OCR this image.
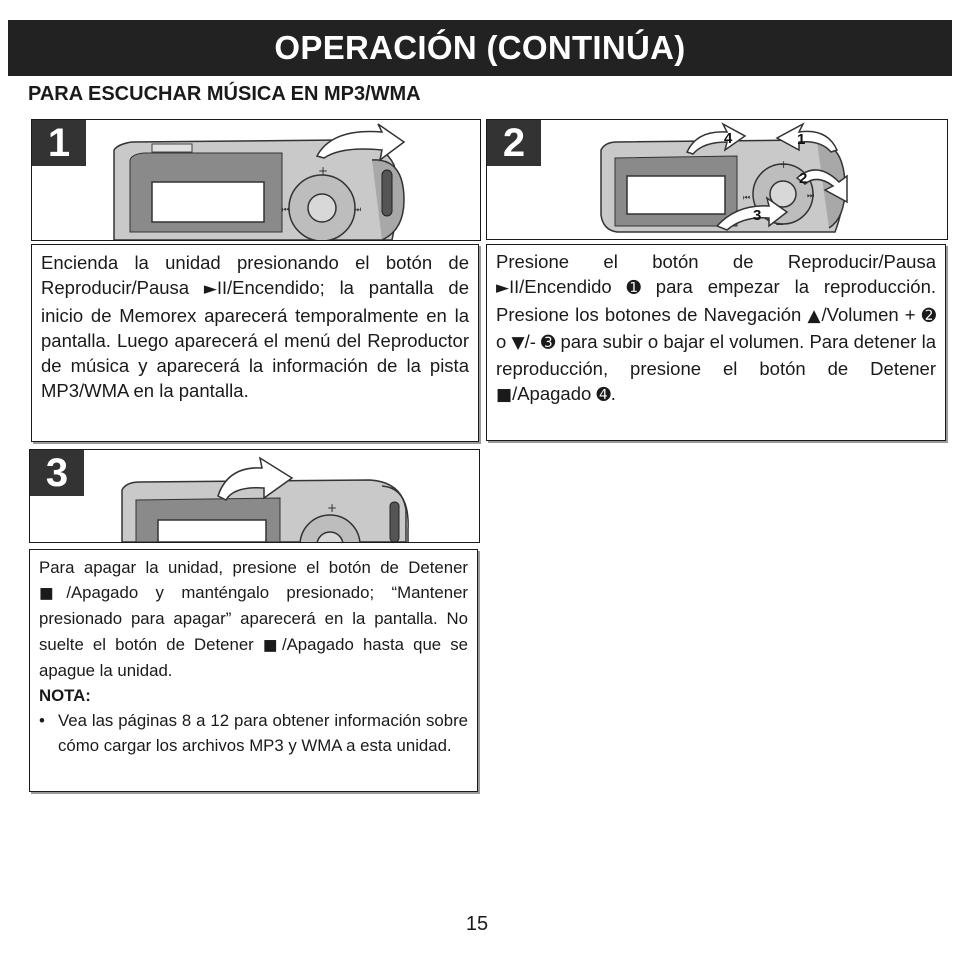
OPERACIÓN (CONTINÚA)
PARA ESCUCHAR MÚSICA EN MP3/WMA
+
⏮	⏭
1	+
⏮	⏭
−
4	1
2
3
2
+
3

Encienda la unidad presionando el botón de Reproducir/Pausa ►II/Encendido; la pantalla de inicio de Memorex aparecerá temporalmente en la pantalla. Luego aparecerá el menú del Reproductor de música y aparecerá la información de la pista MP3/WMA en la pantalla.

Presione el botón de Reproducir/Pausa ►II/Encendido ➊ para empezar la reproducción. Presione los botones de Navegación ▲/Volumen + ➋ o ▼/- ➌ para subir o bajar el volumen. Para detener la reproducción, presione el botón de Detener ■/Apagado ➍.

Para apagar la unidad, presione el botón de Detener ■/Apagado y manténgalo presionado; “Mantener presionado para apagar” aparecerá en la pantalla. No suelte el botón de Detener ■/Apagado hasta que se apague la unidad.

NOTA:

• Vea las páginas 8 a 12 para obtener información sobre cómo cargar los archivos MP3 y WMA a esta unidad.
15
